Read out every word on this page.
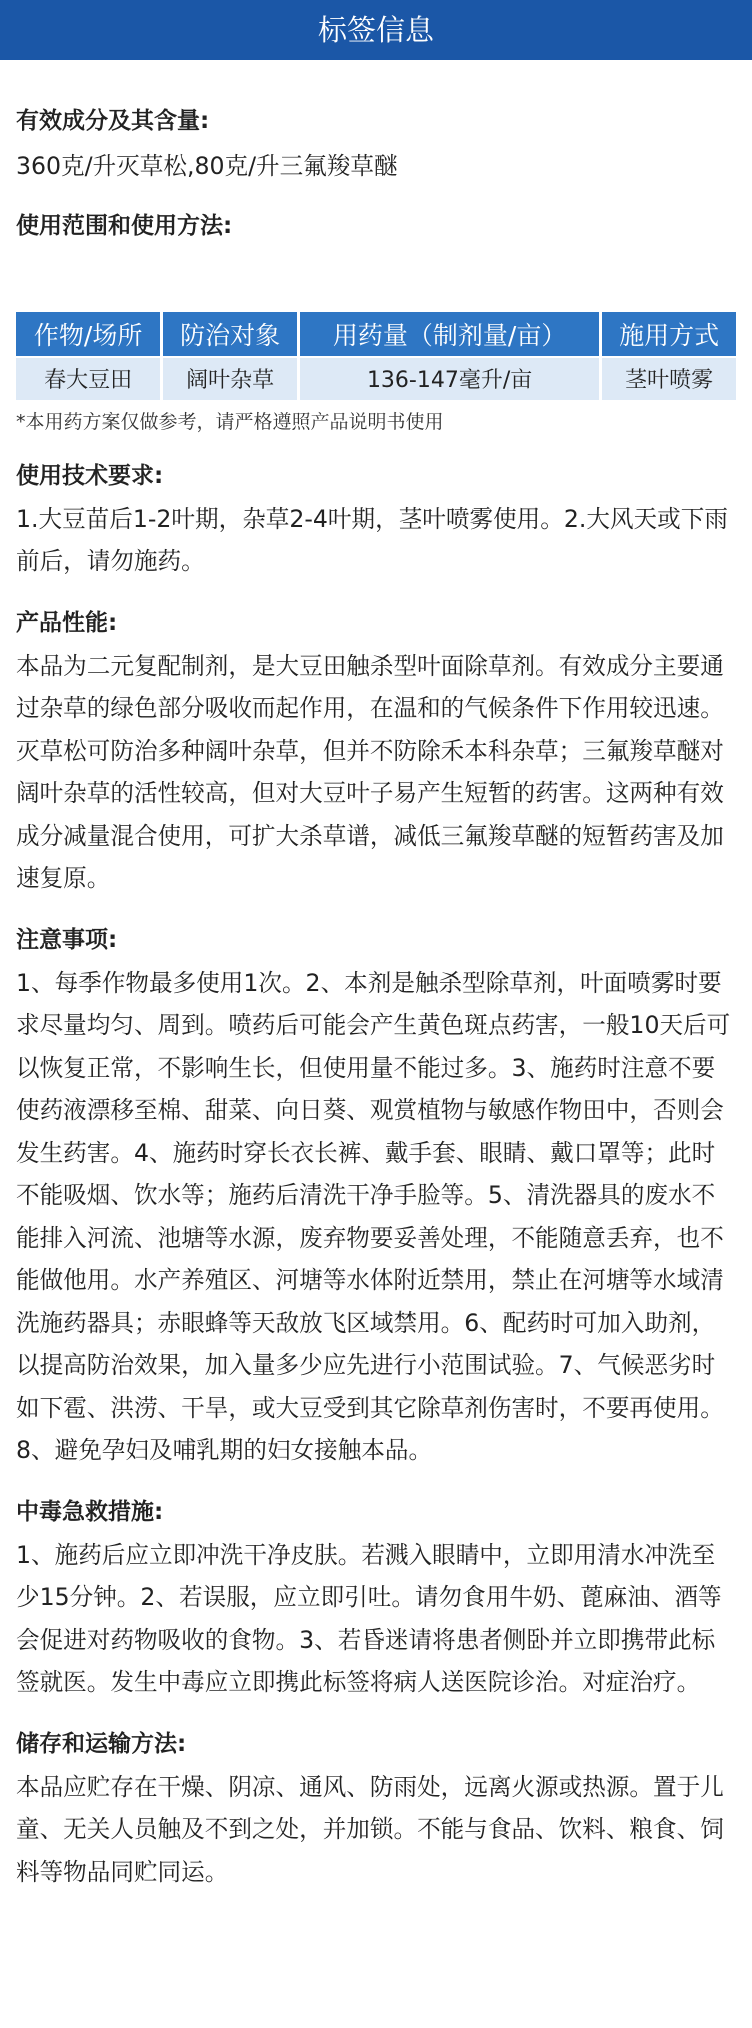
标签信息

有效成分及其含量:

360克/升灭草松,80克/升三氟羧草醚

使用范围和使用方法:

作物/场所	防治对象	用药量（制剂量/亩）	施用方式
春大豆田	阔叶杂草	136-147毫升/亩	茎叶喷雾

*本用药方案仅做参考，请严格遵照产品说明书使用

使用技术要求:

1.大豆苗后1-2叶期，杂草2-4叶期，茎叶喷雾使用。2.大风天或下雨前后，请勿施药。

产品性能:

本品为二元复配制剂，是大豆田触杀型叶面除草剂。有效成分主要通过杂草的绿色部分吸收而起作用，在温和的气候条件下作用较迅速。灭草松可防治多种阔叶杂草，但并不防除禾本科杂草；三氟羧草醚对阔叶杂草的活性较高，但对大豆叶子易产生短暂的药害。这两种有效成分减量混合使用，可扩大杀草谱，减低三氟羧草醚的短暂药害及加速复原。

注意事项:

1、每季作物最多使用1次。2、本剂是触杀型除草剂，叶面喷雾时要求尽量均匀、周到。喷药后可能会产生黄色斑点药害，一般10天后可以恢复正常，不影响生长，但使用量不能过多。3、施药时注意不要使药液漂移至棉、甜菜、向日葵、观赏植物与敏感作物田中，否则会发生药害。4、施药时穿长衣长裤、戴手套、眼睛、戴口罩等；此时不能吸烟、饮水等；施药后清洗干净手脸等。5、清洗器具的废水不能排入河流、池塘等水源，废弃物要妥善处理，不能随意丢弃，也不能做他用。水产养殖区、河塘等水体附近禁用，禁止在河塘等水域清洗施药器具；赤眼蜂等天敌放飞区域禁用。6、配药时可加入助剂，以提高防治效果，加入量多少应先进行小范围试验。7、气候恶劣时如下雹、洪涝、干旱，或大豆受到其它除草剂伤害时，不要再使用。8、避免孕妇及哺乳期的妇女接触本品。

中毒急救措施:

1、施药后应立即冲洗干净皮肤。若溅入眼睛中，立即用清水冲洗至少15分钟。2、若误服，应立即引吐。请勿食用牛奶、蓖麻油、酒等会促进对药物吸收的食物。3、若昏迷请将患者侧卧并立即携带此标签就医。发生中毒应立即携此标签将病人送医院诊治。对症治疗。

储存和运输方法:

本品应贮存在干燥、阴凉、通风、防雨处，远离火源或热源。置于儿童、无关人员触及不到之处，并加锁。不能与食品、饮料、粮食、饲料等物品同贮同运。
